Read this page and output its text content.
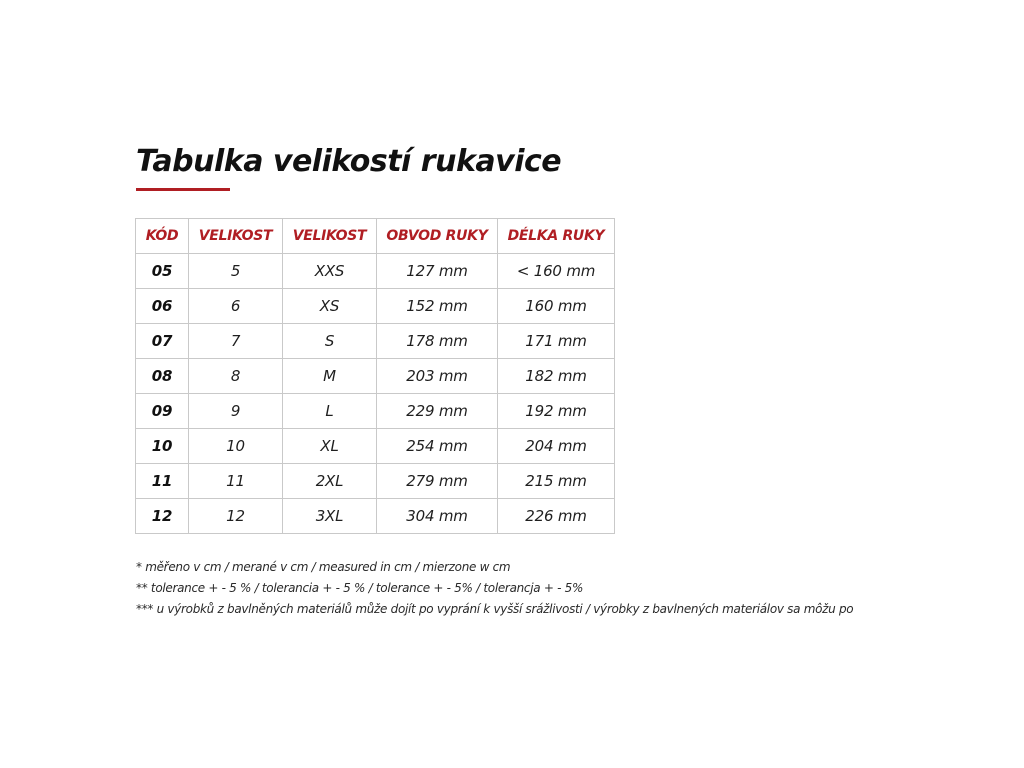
Tabulka velikostí rukavice
KÓD	VELIKOST	VELIKOST	OBVOD RUKY	DÉLKA RUKY
05	5	XXS	127 mm	< 160 mm
06	6	XS	152 mm	160 mm
07	7	S	178 mm	171 mm
08	8	M	203 mm	182 mm
09	9	L	229 mm	192 mm
10	10	XL	254 mm	204 mm
11	11	2XL	279 mm	215 mm
12	12	3XL	304 mm	226 mm
* měřeno v cm / merané v cm / measured in cm / mierzone w cm
** tolerance + - 5 % / tolerancia + - 5 % / tolerance + - 5% / tolerancja + - 5%
*** u výrobků z bavlněných materiálů může dojít po vyprání k vyšší srážlivosti / výrobky z bavlnených materiálov sa môžu po
